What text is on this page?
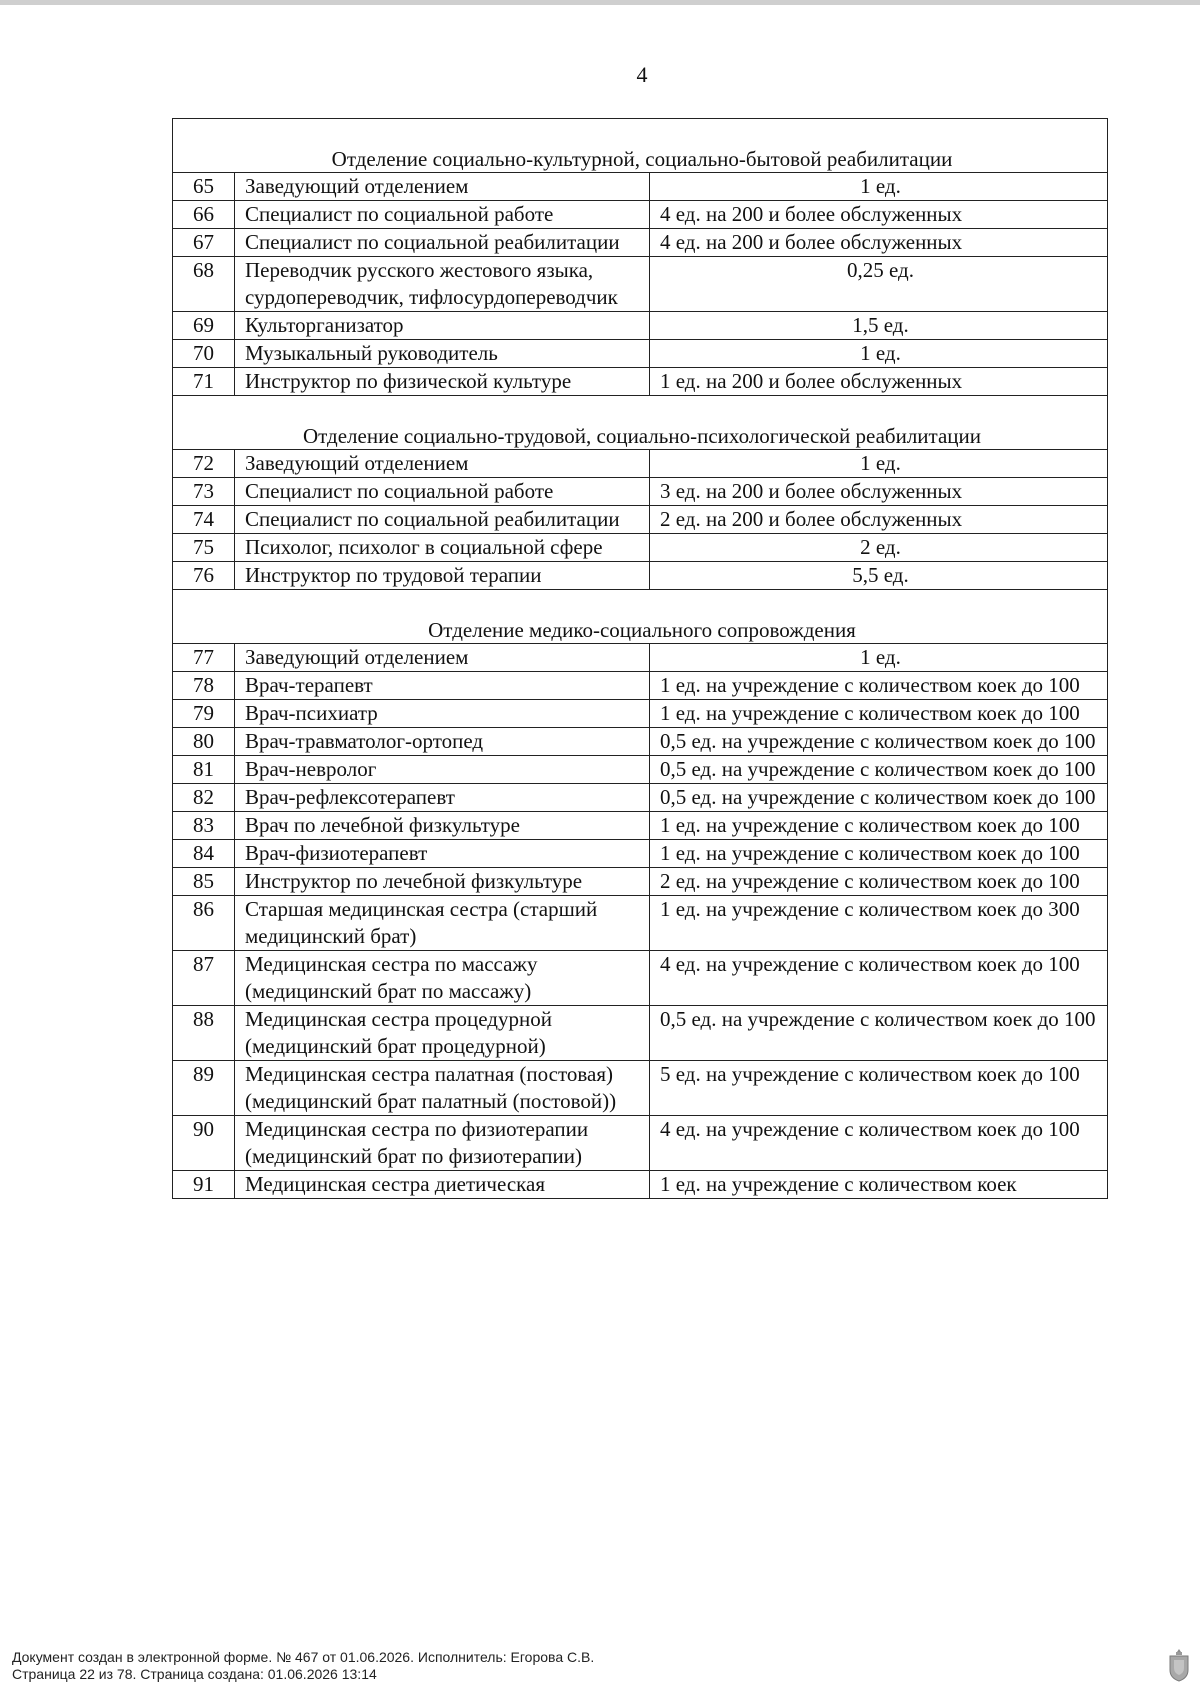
4
Отделение социально-культурной, социально-бытовой реабилитации		
65	Заведующий отделением	1 ед.
66	Специалист по социальной работе	4 ед. на 200 и более обслуженных
67	Специалист по социальной реабилитации	4 ед. на 200 и более обслуженных
68	Переводчик русского жестового языка, сурдопереводчик, тифлосурдопереводчик	0,25 ед.
69	Культорганизатор	1,5 ед.
70	Музыкальный руководитель	1 ед.
71	Инструктор по физической культуре	1 ед. на 200 и более обслуженных
Отделение социально-трудовой, социально-психологической реабилитации		
72	Заведующий отделением	1 ед.
73	Специалист по социальной работе	3 ед. на 200 и более обслуженных
74	Специалист по социальной реабилитации	2 ед. на 200 и более обслуженных
75	Психолог, психолог в социальной сфере	2 ед.
76	Инструктор по трудовой терапии	5,5 ед.
Отделение медико-социального сопровождения		
77	Заведующий отделением	1 ед.
78	Врач-терапевт	1 ед. на учреждение с количеством коек до 100
79	Врач-психиатр	1 ед. на учреждение с количеством коек до 100
80	Врач-травматолог-ортопед	0,5 ед. на учреждение с количеством коек до 100
81	Врач-невролог	0,5 ед. на учреждение с количеством коек до 100
82	Врач-рефлексотерапевт	0,5 ед. на учреждение с количеством коек до 100
83	Врач по лечебной физкультуре	1 ед. на учреждение с количеством коек до 100
84	Врач-физиотерапевт	1 ед. на учреждение с количеством коек до 100
85	Инструктор по лечебной физкультуре	2 ед. на учреждение с количеством коек до 100
86	Старшая медицинская сестра (старший медицинский брат)	1 ед. на учреждение с количеством коек до 300
87	Медицинская сестра по массажу (медицинский брат по массажу)	4 ед. на учреждение с количеством коек до 100
88	Медицинская сестра процедурной (медицинский брат процедурной)	0,5 ед. на учреждение с количеством коек до 100
89	Медицинская сестра палатная (постовая) (медицинский брат палатный (постовой))	5 ед. на учреждение с количеством коек до 100
90	Медицинская сестра по физиотерапии (медицинский брат по физиотерапии)	4 ед. на учреждение с количеством коек до 100
91	Медицинская сестра диетическая	1 ед. на учреждение с количеством коек
Документ создан в электронной форме. № 467 от 01.06.2026. Исполнитель: Егорова С.В.
Страница 22 из 78. Страница создана: 01.06.2026 13:14
